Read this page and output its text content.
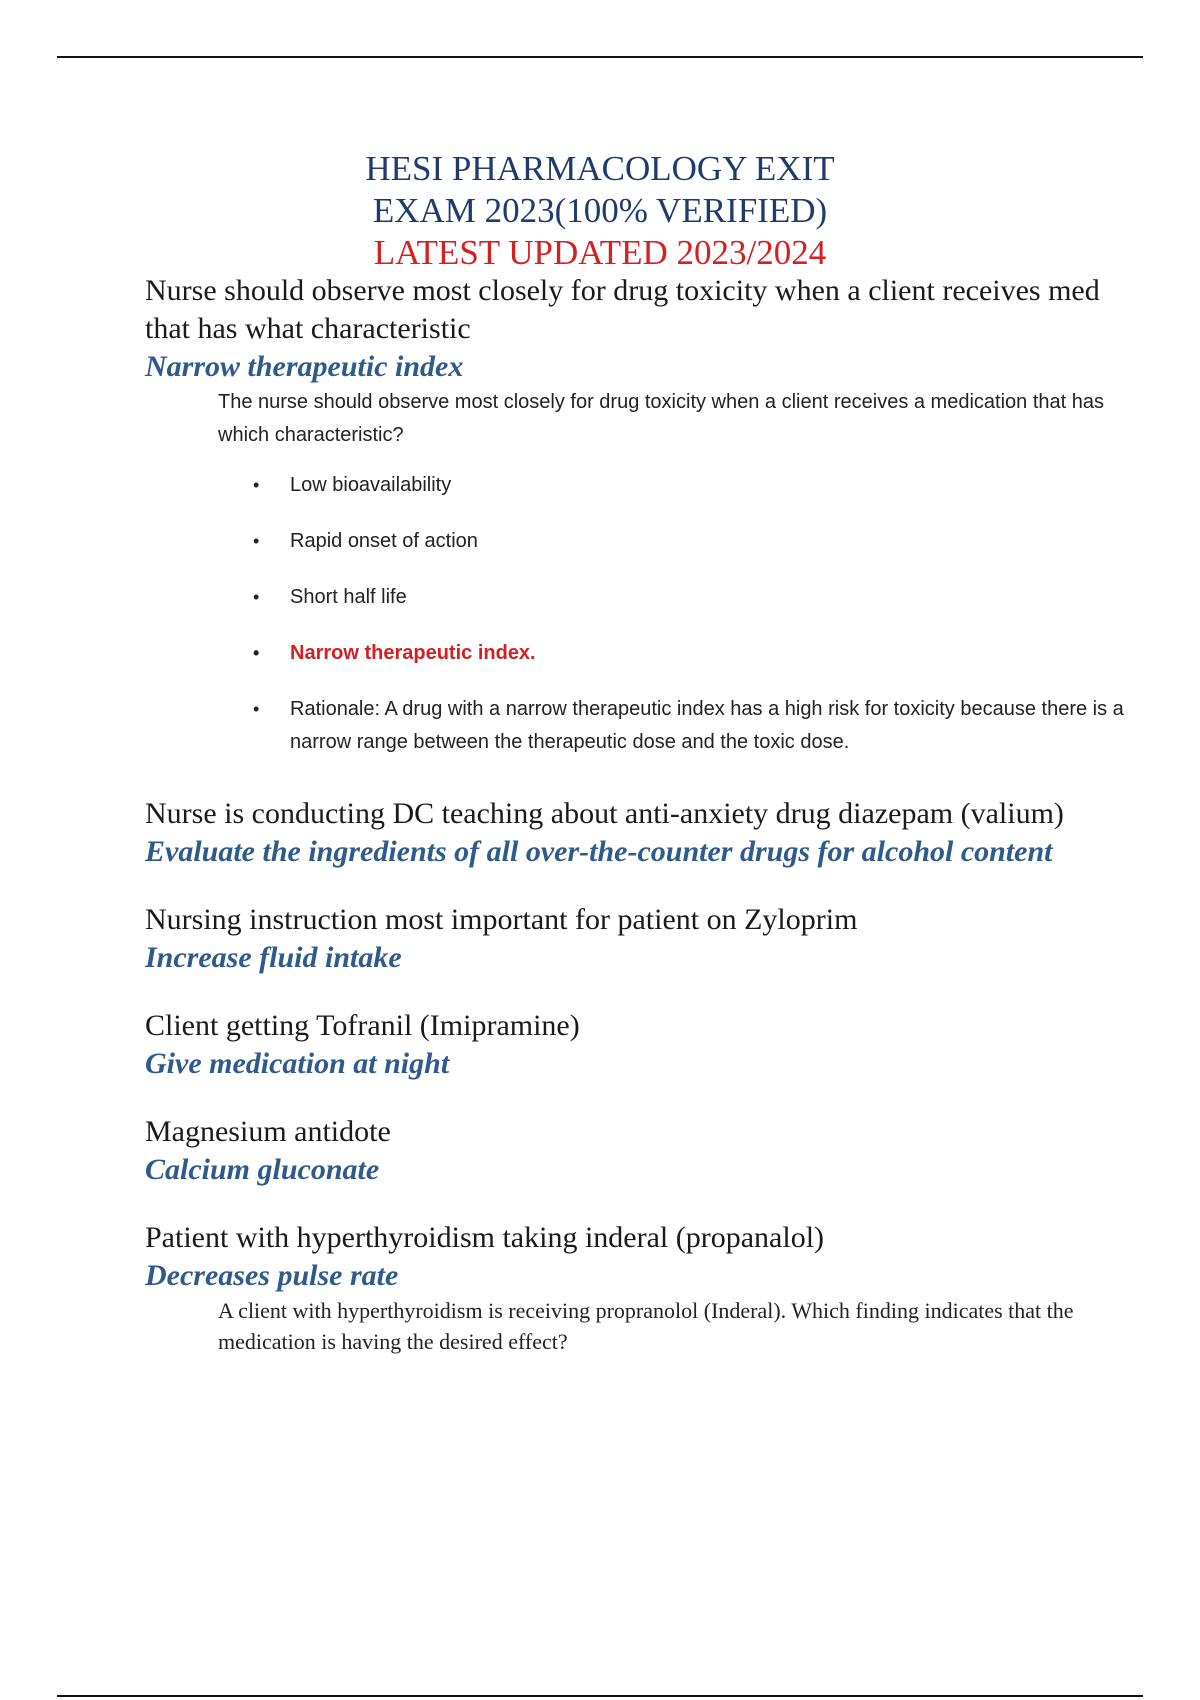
HESI PHARMACOLOGY EXIT
EXAM 2023(100% VERIFIED)
LATEST UPDATED 2023/2024
Nurse should observe most closely for drug toxicity when a client receives med that has what characteristic
Narrow therapeutic index
The nurse should observe most closely for drug toxicity when a client receives a medication that has which characteristic?
• Low bioavailability
• Rapid onset of action
• Short half life
• Narrow therapeutic index.
• Rationale: A drug with a narrow therapeutic index has a high risk for toxicity because there is a narrow range between the therapeutic dose and the toxic dose.
Nurse is conducting DC teaching about anti-anxiety drug diazepam (valium)
Evaluate the ingredients of all over-the-counter drugs for alcohol content
Nursing instruction most important for patient on Zyloprim
Increase fluid intake
Client getting Tofranil (Imipramine)
Give medication at night
Magnesium antidote
Calcium gluconate
Patient with hyperthyroidism taking inderal (propanalol)
Decreases pulse rate
A client with hyperthyroidism is receiving propranolol (Inderal). Which finding indicates that the medication is having the desired effect?
